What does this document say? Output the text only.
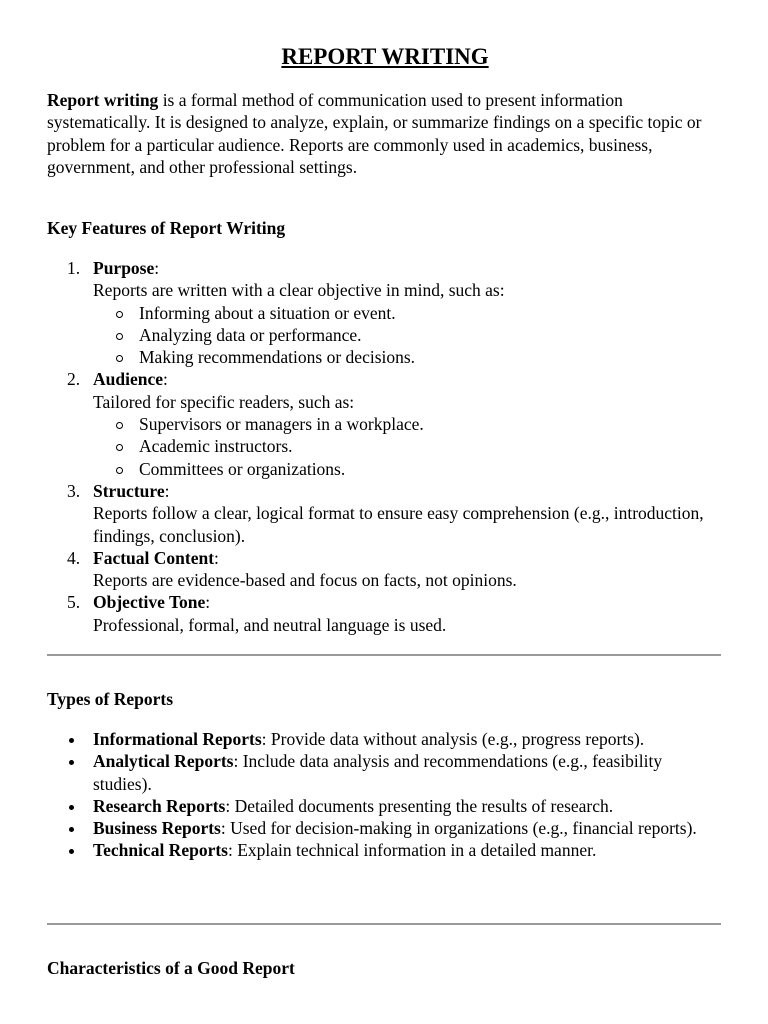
REPORT WRITING

Report writing is a formal method of communication used to present information systematically. It is designed to analyze, explain, or summarize findings on a specific topic or problem for a particular audience. Reports are commonly used in academics, business, government, and other professional settings.

Key Features of Report Writing
1. Purpose:
Reports are written with a clear objective in mind, such as:
Informing about a situation or event.
Analyzing data or performance.
Making recommendations or decisions.
2. Audience:
Tailored for specific readers, such as:
Supervisors or managers in a workplace.
Academic instructors.
Committees or organizations.
3. Structure:
Reports follow a clear, logical format to ensure easy comprehension (e.g., introduction, findings, conclusion).
4. Factual Content:
Reports are evidence-based and focus on facts, not opinions.
5. Objective Tone:
Professional, formal, and neutral language is used.
Types of Reports
Informational Reports: Provide data without analysis (e.g., progress reports).
Analytical Reports: Include data analysis and recommendations (e.g., feasibility studies).
Research Reports: Detailed documents presenting the results of research.
Business Reports: Used for decision-making in organizations (e.g., financial reports).
Technical Reports: Explain technical information in a detailed manner.
Characteristics of a Good Report
